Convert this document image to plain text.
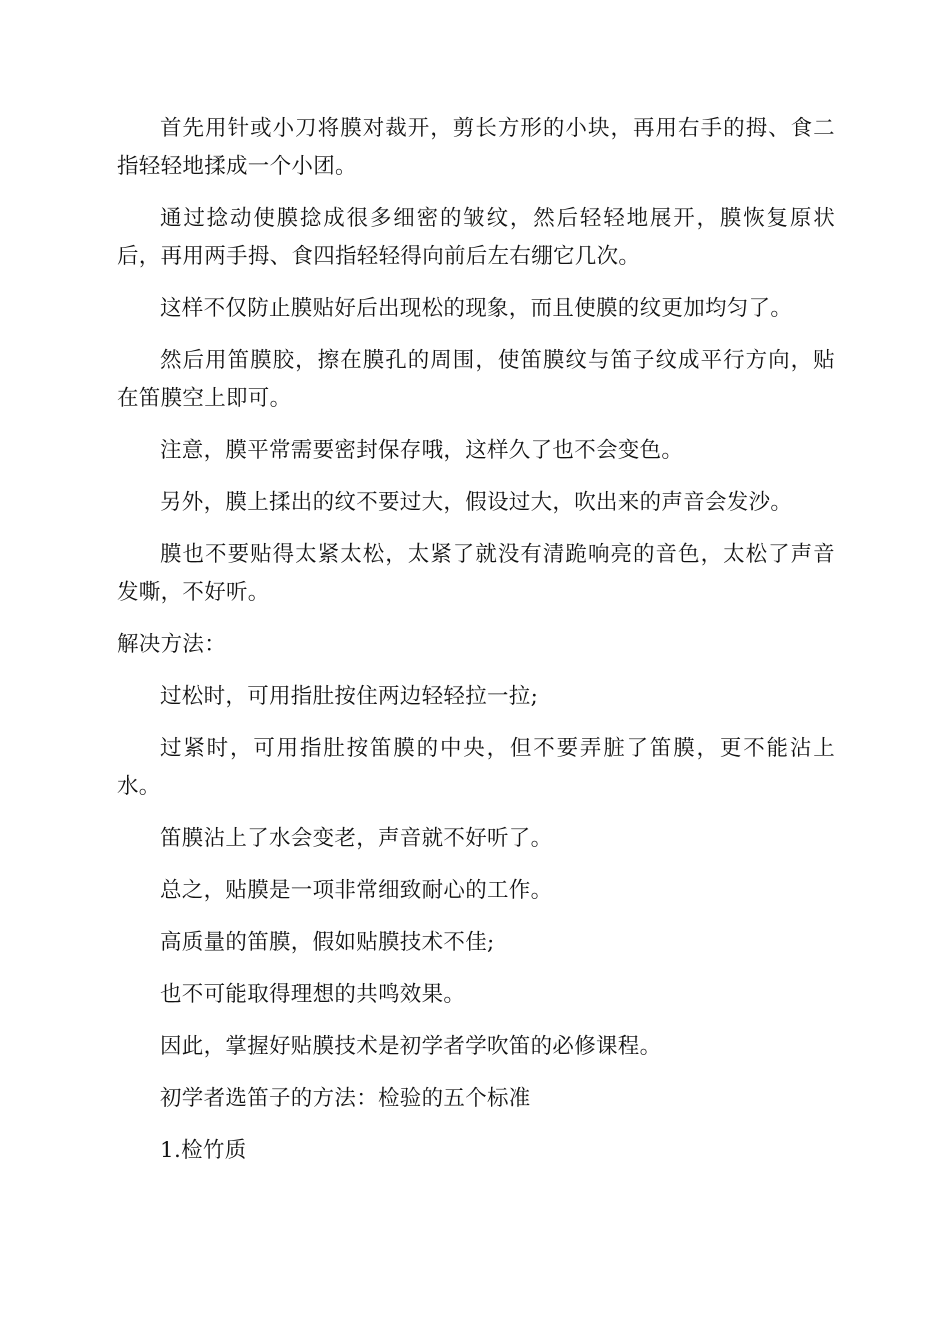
首先用针或小刀将膜对裁开，剪长方形的小块，再用右手的拇、食二指轻轻地揉成一个小团。

通过捻动使膜捻成很多细密的皱纹，然后轻轻地展开，膜恢复原状后，再用两手拇、食四指轻轻得向前后左右绷它几次。

这样不仅防止膜贴好后出现松的现象，而且使膜的纹更加均匀了。

然后用笛膜胶，擦在膜孔的周围，使笛膜纹与笛子纹成平行方向，贴在笛膜空上即可。

注意，膜平常需要密封保存哦，这样久了也不会变色。

另外，膜上揉出的纹不要过大，假设过大，吹出来的声音会发沙。

膜也不要贴得太紧太松，太紧了就没有清跪响亮的音色，太松了声音发嘶，不好听。

解决方法：

过松时，可用指肚按住两边轻轻拉一拉;

过紧时，可用指肚按笛膜的中央，但不要弄脏了笛膜，更不能沾上水。

笛膜沾上了水会变老，声音就不好听了。

总之，贴膜是一项非常细致耐心的工作。

高质量的笛膜，假如贴膜技术不佳;

也不可能取得理想的共鸣效果。

因此，掌握好贴膜技术是初学者学吹笛的必修课程。

初学者选笛子的方法：检验的五个标准

1.检竹质
